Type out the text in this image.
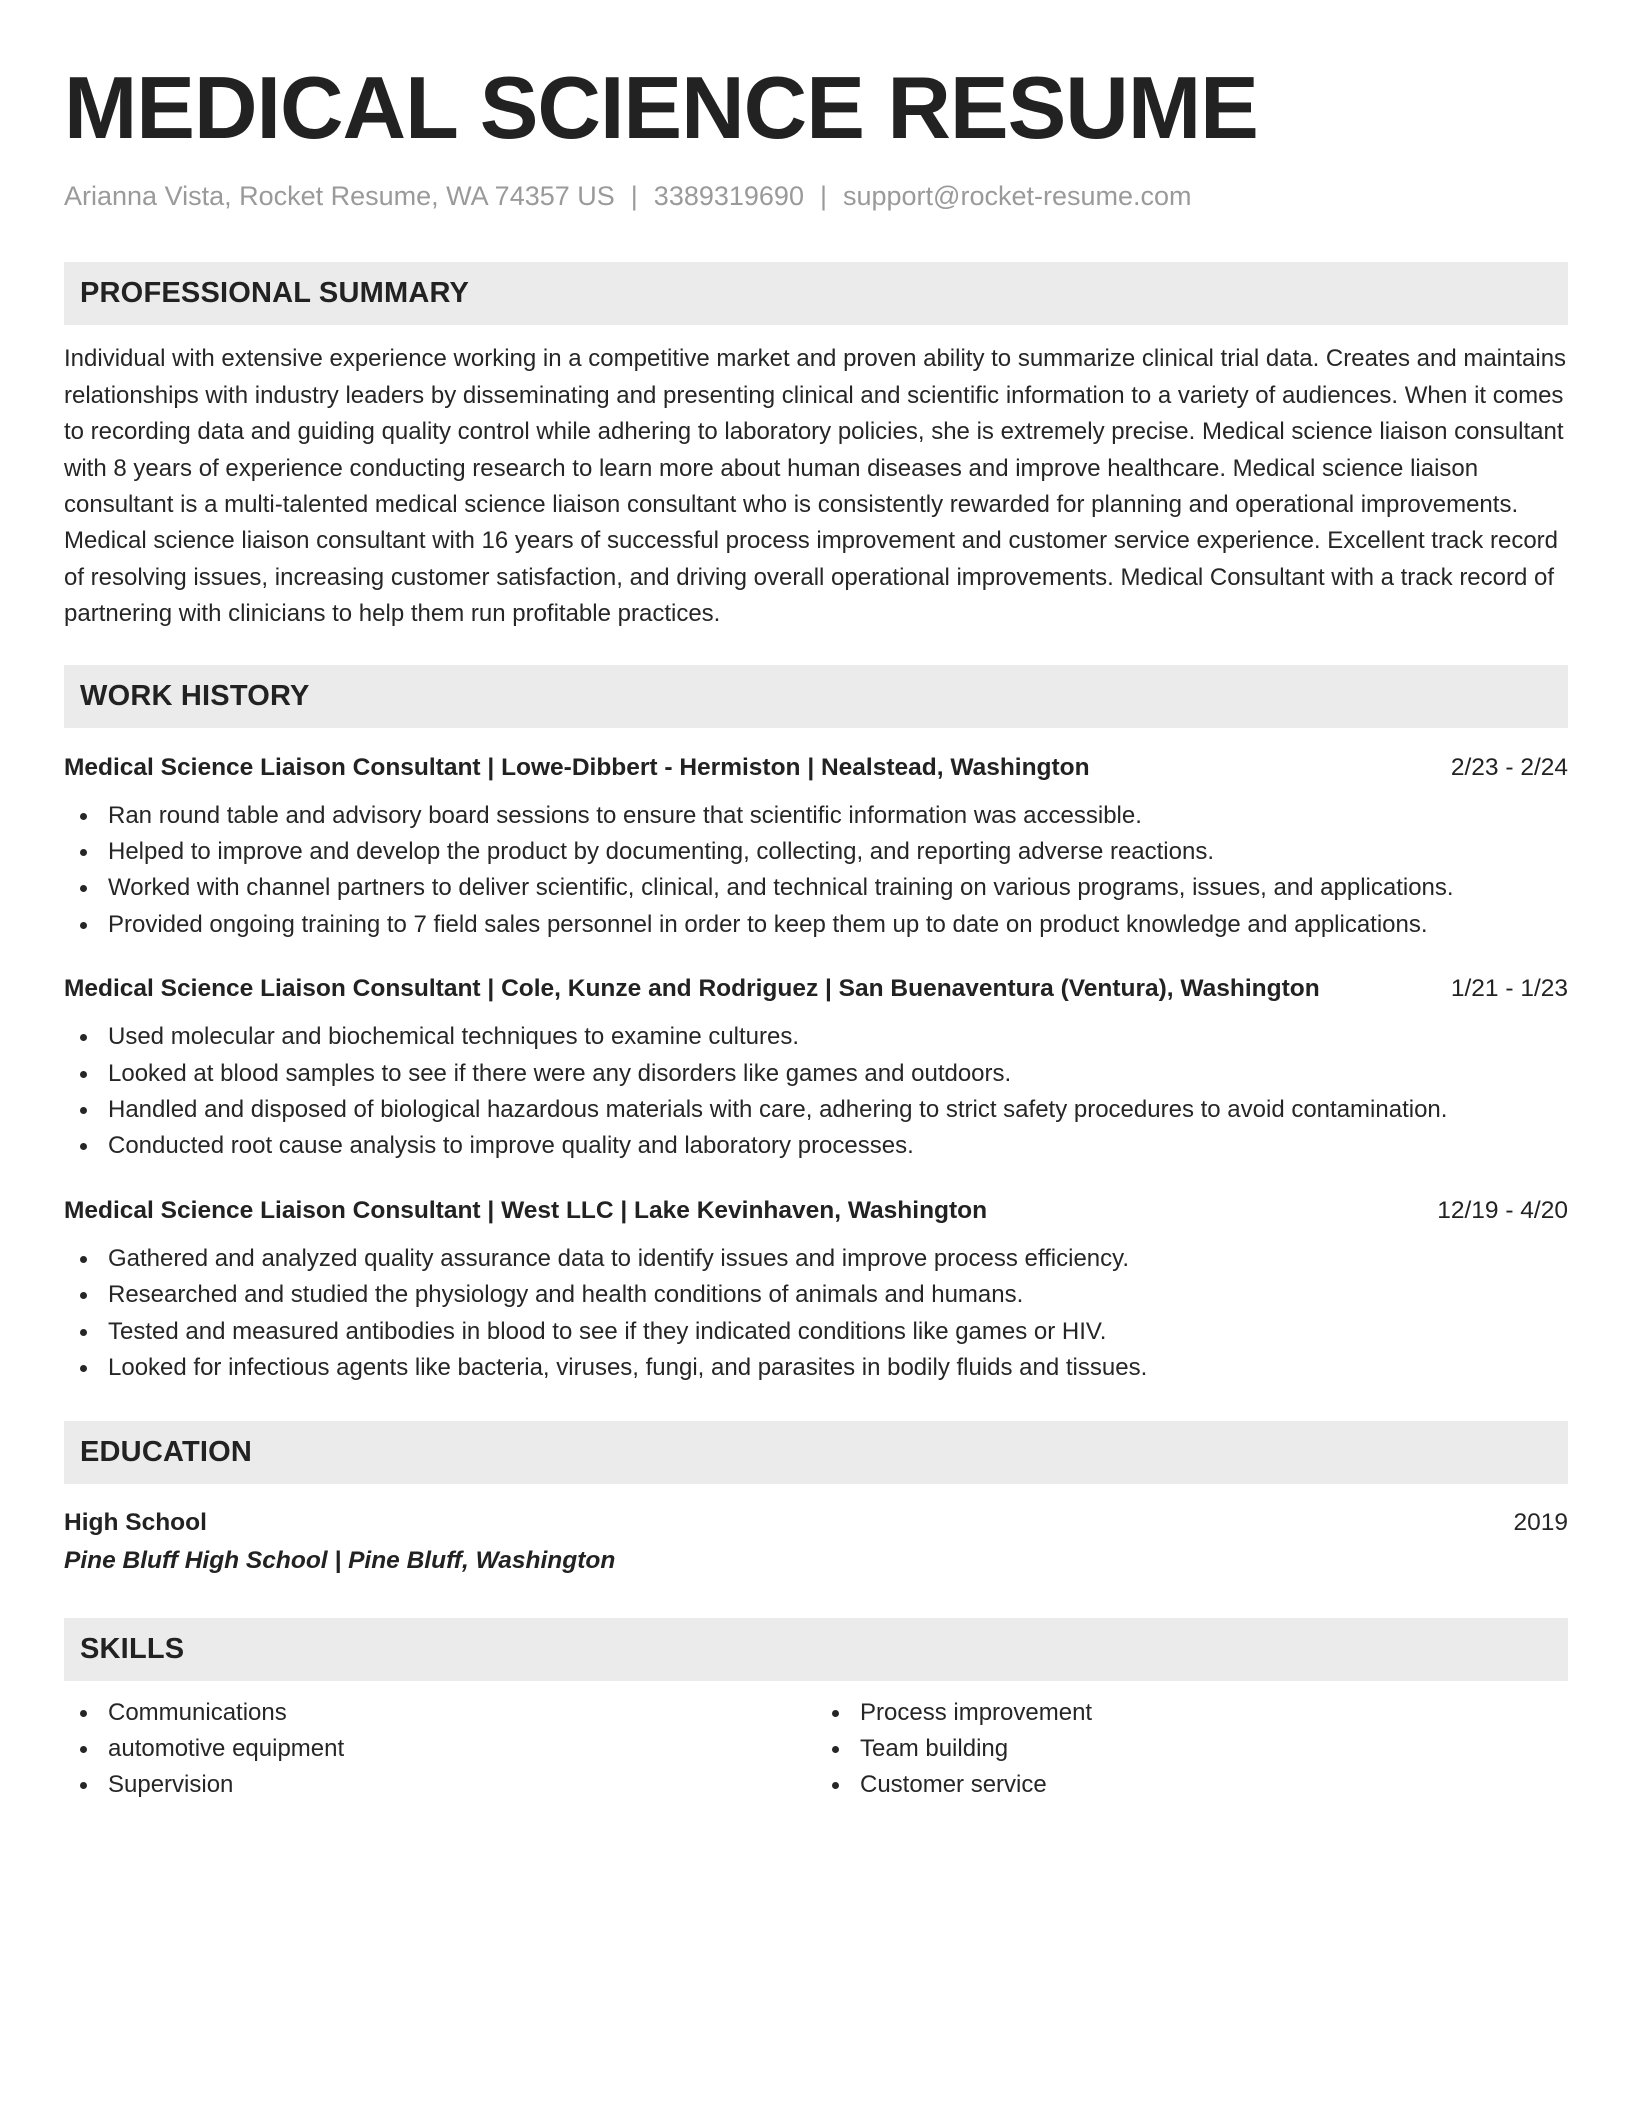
MEDICAL SCIENCE RESUME
Arianna Vista, Rocket Resume, WA 74357 US | 3389319690 | support@rocket-resume.com
PROFESSIONAL SUMMARY

Individual with extensive experience working in a competitive market and proven ability to summarize clinical trial data. Creates and maintains relationships with industry leaders by disseminating and presenting clinical and scientific information to a variety of audiences. When it comes to recording data and guiding quality control while adhering to laboratory policies, she is extremely precise. Medical science liaison consultant with 8 years of experience conducting research to learn more about human diseases and improve healthcare. Medical science liaison consultant is a multi-talented medical science liaison consultant who is consistently rewarded for planning and operational improvements. Medical science liaison consultant with 16 years of successful process improvement and customer service experience. Excellent track record of resolving issues, increasing customer satisfaction, and driving overall operational improvements. Medical Consultant with a track record of partnering with clinicians to help them run profitable practices.

WORK HISTORY
Medical Science Liaison Consultant | Lowe-Dibbert - Hermiston | Nealstead, Washington	2/23 - 2/24
Ran round table and advisory board sessions to ensure that scientific information was accessible.
Helped to improve and develop the product by documenting, collecting, and reporting adverse reactions.
Worked with channel partners to deliver scientific, clinical, and technical training on various programs, issues, and applications.
Provided ongoing training to 7 field sales personnel in order to keep them up to date on product knowledge and applications.
Medical Science Liaison Consultant | Cole, Kunze and Rodriguez | San Buenaventura (Ventura), Washington	1/21 - 1/23
Used molecular and biochemical techniques to examine cultures.
Looked at blood samples to see if there were any disorders like games and outdoors.
Handled and disposed of biological hazardous materials with care, adhering to strict safety procedures to avoid contamination.
Conducted root cause analysis to improve quality and laboratory processes.
Medical Science Liaison Consultant | West LLC | Lake Kevinhaven, Washington	12/19 - 4/20
Gathered and analyzed quality assurance data to identify issues and improve process efficiency.
Researched and studied the physiology and health conditions of animals and humans.
Tested and measured antibodies in blood to see if they indicated conditions like games or HIV.
Looked for infectious agents like bacteria, viruses, fungi, and parasites in bodily fluids and tissues.
EDUCATION
High School	2019
Pine Bluff High School | Pine Bluff, Washington
SKILLS
Communications
automotive equipment
Supervision
Process improvement
Team building
Customer service
